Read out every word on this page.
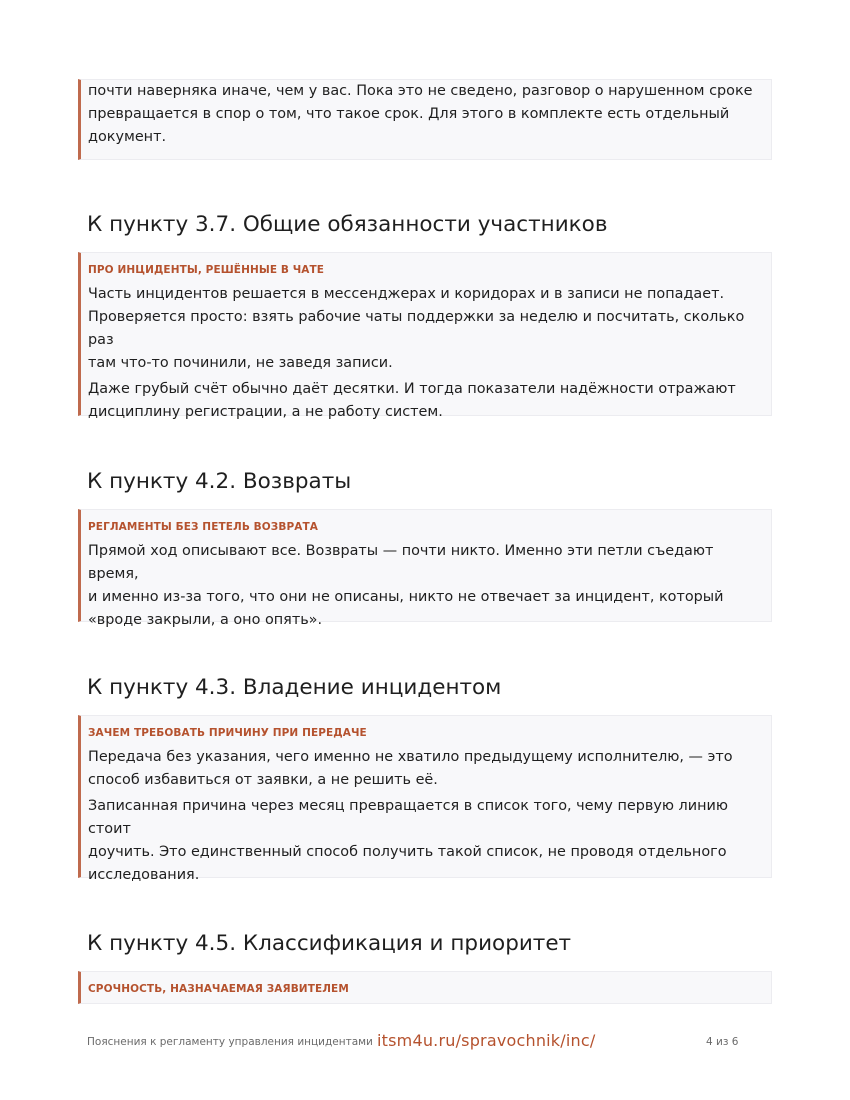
почти наверняка иначе, чем у вас. Пока это не сведено, разговор о нарушенном сроке
превращается в спор о том, что такое срок. Для этого в комплекте есть отдельный
документ.

К пункту 3.7. Общие обязанности участников
ПРО ИНЦИДЕНТЫ, РЕШЁННЫЕ В ЧАТЕ

Часть инцидентов решается в мессенджерах и коридорах и в записи не попадает.
Проверяется просто: взять рабочие чаты поддержки за неделю и посчитать, сколько раз
там что-то починили, не заведя записи.

Даже грубый счёт обычно даёт десятки. И тогда показатели надёжности отражают
дисциплину регистрации, а не работу систем.

К пункту 4.2. Возвраты
РЕГЛАМЕНТЫ БЕЗ ПЕТЕЛЬ ВОЗВРАТА

Прямой ход описывают все. Возвраты — почти никто. Именно эти петли съедают время,
и именно из-за того, что они не описаны, никто не отвечает за инцидент, который
«вроде закрыли, а оно опять».

К пункту 4.3. Владение инцидентом
ЗАЧЕМ ТРЕБОВАТЬ ПРИЧИНУ ПРИ ПЕРЕДАЧЕ

Передача без указания, чего именно не хватило предыдущему исполнителю, — это
способ избавиться от заявки, а не решить её.

Записанная причина через месяц превращается в список того, чему первую линию стоит
доучить. Это единственный способ получить такой список, не проводя отдельного
исследования.

К пункту 4.5. Классификация и приоритет
СРОЧНОСТЬ, НАЗНАЧАЕМАЯ ЗАЯВИТЕЛЕМ
Пояснения к регламенту управления инцидентами itsm4u.ru/spravochnik/inc/	4 из 6
